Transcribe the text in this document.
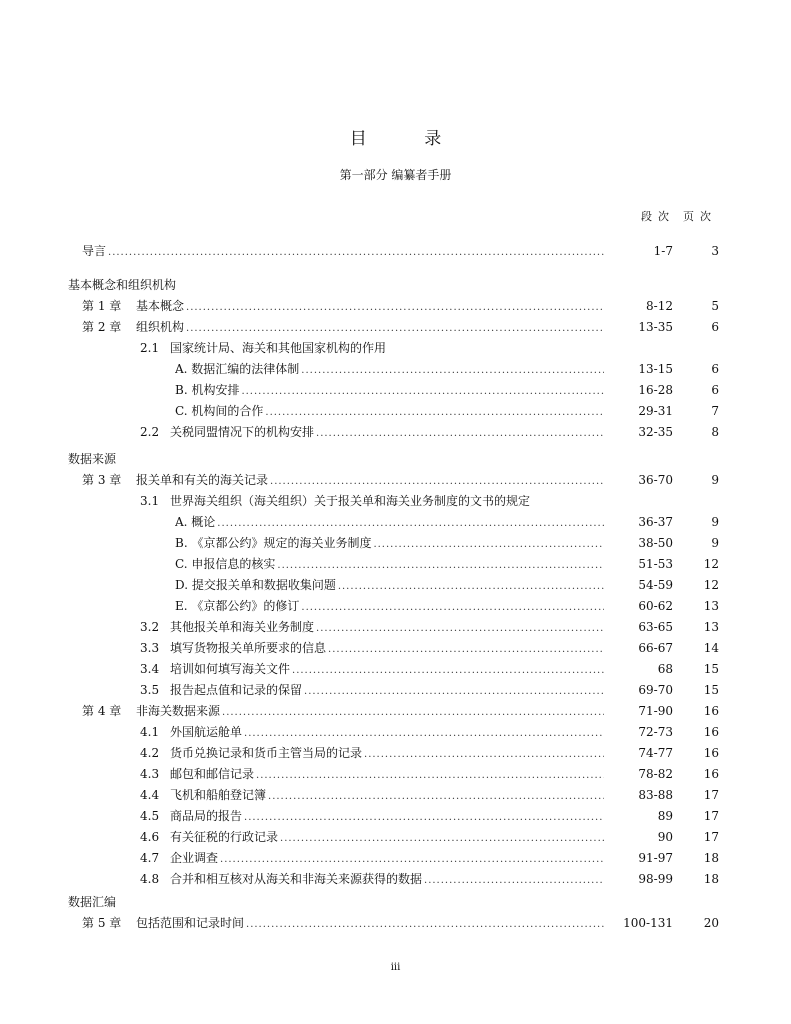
目 录
第一部分 编纂者手册
段次 页次
导言 .....	1-7	3
基本概念和组织机构
第 1 章 基本概念 .....	8-12	5
第 2 章 组织机构 .....	13-35	6
2.1 国家统计局、海关和其他国家机构的作用
A. 数据汇编的法律体制 .....	13-15	6
B. 机构安排 .....	16-28	6
C. 机构间的合作 .....	29-31	7
2.2 关税同盟情况下的机构安排 .....	32-35	8
数据来源
第 3 章 报关单和有关的海关记录 .....	36-70	9
3.1 世界海关组织（海关组织）关于报关单和海关业务制度的文书的规定
A. 概论 .....	36-37	9
B. 《京都公约》规定的海关业务制度 .....	38-50	9
C. 申报信息的核实 .....	51-53	12
D. 提交报关单和数据收集问题 .....	54-59	12
E. 《京都公约》的修订 .....	60-62	13
3.2 其他报关单和海关业务制度 .....	63-65	13
3.3 填写货物报关单所要求的信息 .....	66-67	14
3.4 培训如何填写海关文件 .....	68	15
3.5 报告起点值和记录的保留 .....	69-70	15
第 4 章 非海关数据来源 .....	71-90	16
4.1 外国航运舱单 .....	72-73	16
4.2 货币兑换记录和货币主管当局的记录 .....	74-77	16
4.3 邮包和邮信记录 .....	78-82	16
4.4 飞机和船舶登记簿 .....	83-88	17
4.5 商品局的报告 .....	89	17
4.6 有关征税的行政记录 .....	90	17
4.7 企业调查 .....	91-97	18
4.8 合并和相互核对从海关和非海关来源获得的数据 .....	98-99	18
数据汇编
第 5 章 包括范围和记录时间 .....	100-131	20
iii
